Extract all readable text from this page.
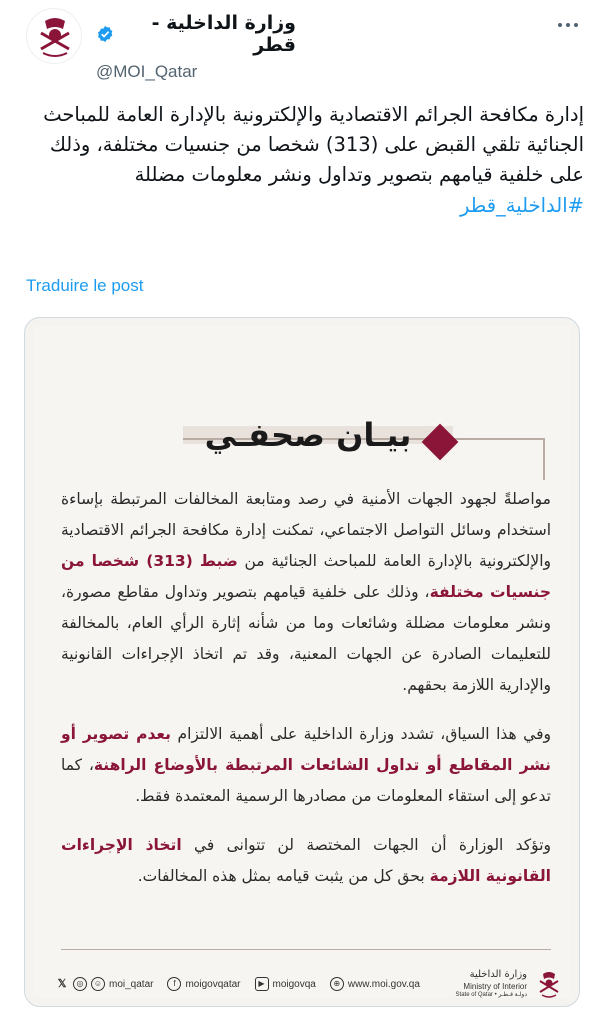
وزارة الداخلية - قطر
@MOI_Qatar
إدارة مكافحة الجرائم الاقتصادية والإلكترونية بالإدارة العامة للمباحث الجنائية تلقي القبض على (313) شخصا من جنسيات مختلفة، وذلك على خلفية قيامهم بتصوير وتداول ونشر معلومات مضللة
#الداخلية_قطر
Traduire le post
بيـان صحفـي

مواصلةً لجهود الجهات الأمنية في رصد ومتابعة المخالفات المرتبطة بإساءة استخدام وسائل التواصل الاجتماعي، تمكنت إدارة مكافحة الجرائم الاقتصادية والإلكترونية بالإدارة العامة للمباحث الجنائية من ضبط (313) شخصا من جنسيات مختلفة، وذلك على خلفية قيامهم بتصوير وتداول مقاطع مصورة، ونشر معلومات مضللة وشائعات وما من شأنه إثارة الرأي العام، بالمخالفة للتعليمات الصادرة عن الجهات المعنية، وقد تم اتخاذ الإجراءات القانونية والإدارية اللازمة بحقهم.

وفي هذا السياق، تشدد وزارة الداخلية على أهمية الالتزام بعدم تصوير أو نشر المقاطع أو تداول الشائعات المرتبطة بالأوضاع الراهنة، كما تدعو إلى استقاء المعلومات من مصادرها الرسمية المعتمدة فقط.

وتؤكد الوزارة أن الجهات المختصة لن تتوانى في اتخاذ الإجراءات القانونية اللازمة بحق كل من يثبت قيامه بمثل هذه المخالفات.

𝕏	◎	☺ moi_qatar	f moigovqatar	▶ moigovqa	⊕ www.moi.gov.qa
وزارة الداخلية
Ministry of Interior
State of Qatar • دولـة قـطـر
